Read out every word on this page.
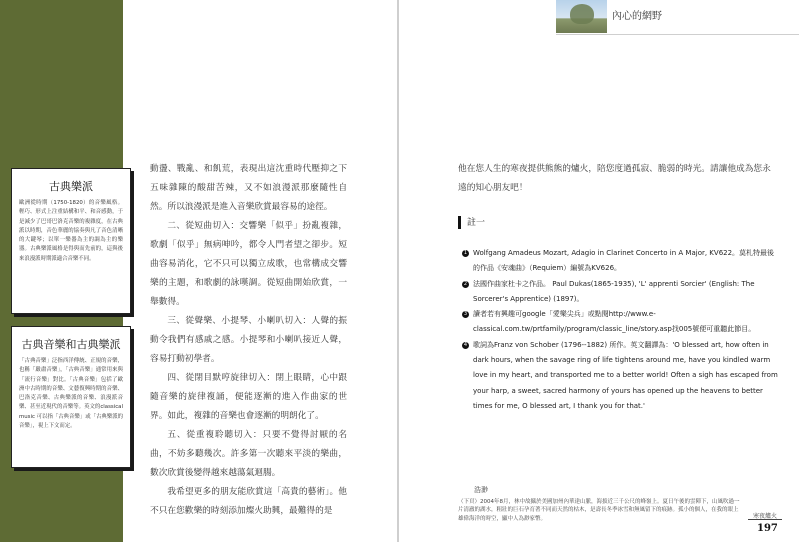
內心的網野
古典樂派
歐洲從時期（1750-1820）的音樂風格。輕巧、形式上注重結構和平、和音感動，于是減少了巴哥巴洛克音樂的複雜度，在古典派以時期，音色華麗的協奏與凡了音色清晰的大鍵琴；以單一樂器為主的調為主的樂器。古典樂派風格是得與而先前的，這與後來浪漫派時期派適合音樂不同。
古典音樂和古典樂派
「古典音樂」泛指西洋傳統、正規的音樂，也稱「嚴肅音樂」，「古典音樂」通常用來與「流行音樂」對比。「古典音樂」包括了歐洲中古時期的音樂、文藝復興時期的音樂、巴洛克音樂、古典樂派的音樂、浪漫派音樂、甚至近現代的音樂等。英文的classical music 可以指「古典音樂」或「古典樂派的音樂」，視上下文而定。

動盪、戰亂、和飢荒，表現出這沈重時代壓抑之下五味雜陳的酸甜苦辣，又不如浪漫派那麼隨性自然。所以浪漫派是進入音樂欣賞最容易的途徑。

二、從短曲切入：交響樂「似乎」扮亂複雜，歌劇「似乎」無病呻吟，都令人門者望之卻步。短曲容易消化，它不只可以獨立成歌，也常構成交響樂的主題，和歌劇的詠嘆調。從短曲開始欣賞，一舉數得。

三、從聲樂、小提琴、小喇叭切入：人聲的振動令我們有感戚之感。小提琴和小喇叭接近人聲，容易打動初學者。

四、從閉目默哼旋律切入：閉上眼睛，心中跟隨音樂的旋律複誦，便能逐漸的進入作曲家的世界。如此，複雜的音樂也會逐漸的明朗化了。

五、從重複聆聽切入：只要不覺得討厭的名曲，不妨多聽幾次。許多第一次聽來平淡的樂曲，數次欣賞後變得越來越蕩氣迴腸。

我希望更多的朋友能欣賞這「高貴的藝術」。他不只在您歡樂的時刻添加燦火助興，最難得的是

他在您人生的寒夜提供熊熊的爐火，陪您度過孤寂、脆弱的時光。請讓他成為您永遠的知心朋友吧！

註一
1 Wolfgang Amadeus Mozart, Adagio in Clarinet Concerto in A Major, KV622。莫札特最後的作品《安魂曲》（Requiem）編號為KV626。
2 法國作曲家杜卡之作品。 Paul Dukas(1865-1935), 'L' apprenti Sorcier' (English: The Sorcerer's Apprentice) (1897)。
3 讀者若有興趣可google「愛樂尖兵」或點閱http://www.e-classical.com.tw/prtfamily/program/classic_line/story.asp找005號便可重聽此節目。
4 歌詞為Franz von Schober (1796--1882) 所作。英文翻譯為：'O blessed art, how often in dark hours, when the savage ring of life tightens around me, have you kindled warm love in my heart, and transported me to a better world! Often a sigh has escaped from your harp, a sweet, sacred harmony of yours has opened up the heavens to better times for me, O blessed art, I thank you for that.'
浩渺
（下頁）2004年8月，林中故攝於美國加州內華達山脈，海拔近三千公尺的峰嶺上。夏日午後的雲陣下，山風吹過一片清澈的湖水，粗壯的巨石孕育著不同而天然的枯木，是壽長冬季冰雪和無風留下的痕跡。孤小的個人，在我的眼上雄偉海洋的時空，顯中人為渺家幣。	寒夜爐火
197
